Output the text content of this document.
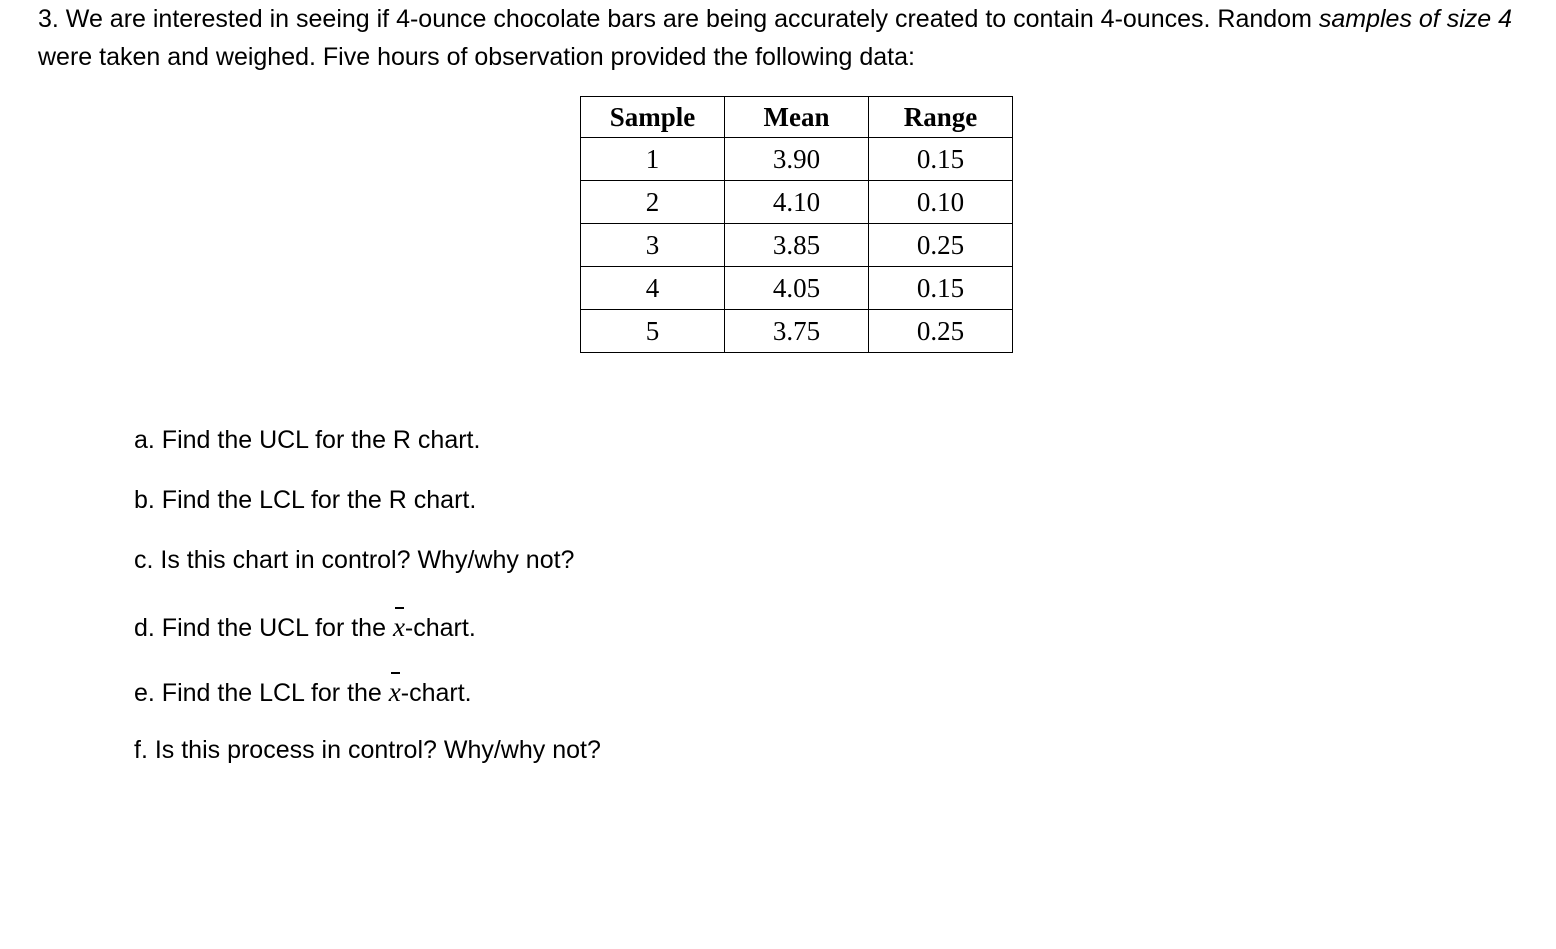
3. We are interested in seeing if 4-ounce chocolate bars are being accurately created to contain 4-ounces. Random samples of size 4 were taken and weighed. Five hours of observation provided the following data:
Sample	Mean	Range
1	3.90	0.15
2	4.10	0.10
3	3.85	0.25
4	4.05	0.15
5	3.75	0.25
a. Find the UCL for the R chart.
b. Find the LCL for the R chart.
c. Is this chart in control? Why/why not?
d. Find the UCL for the x-chart.
e. Find the LCL for the x-chart.
f. Is this process in control? Why/why not?
